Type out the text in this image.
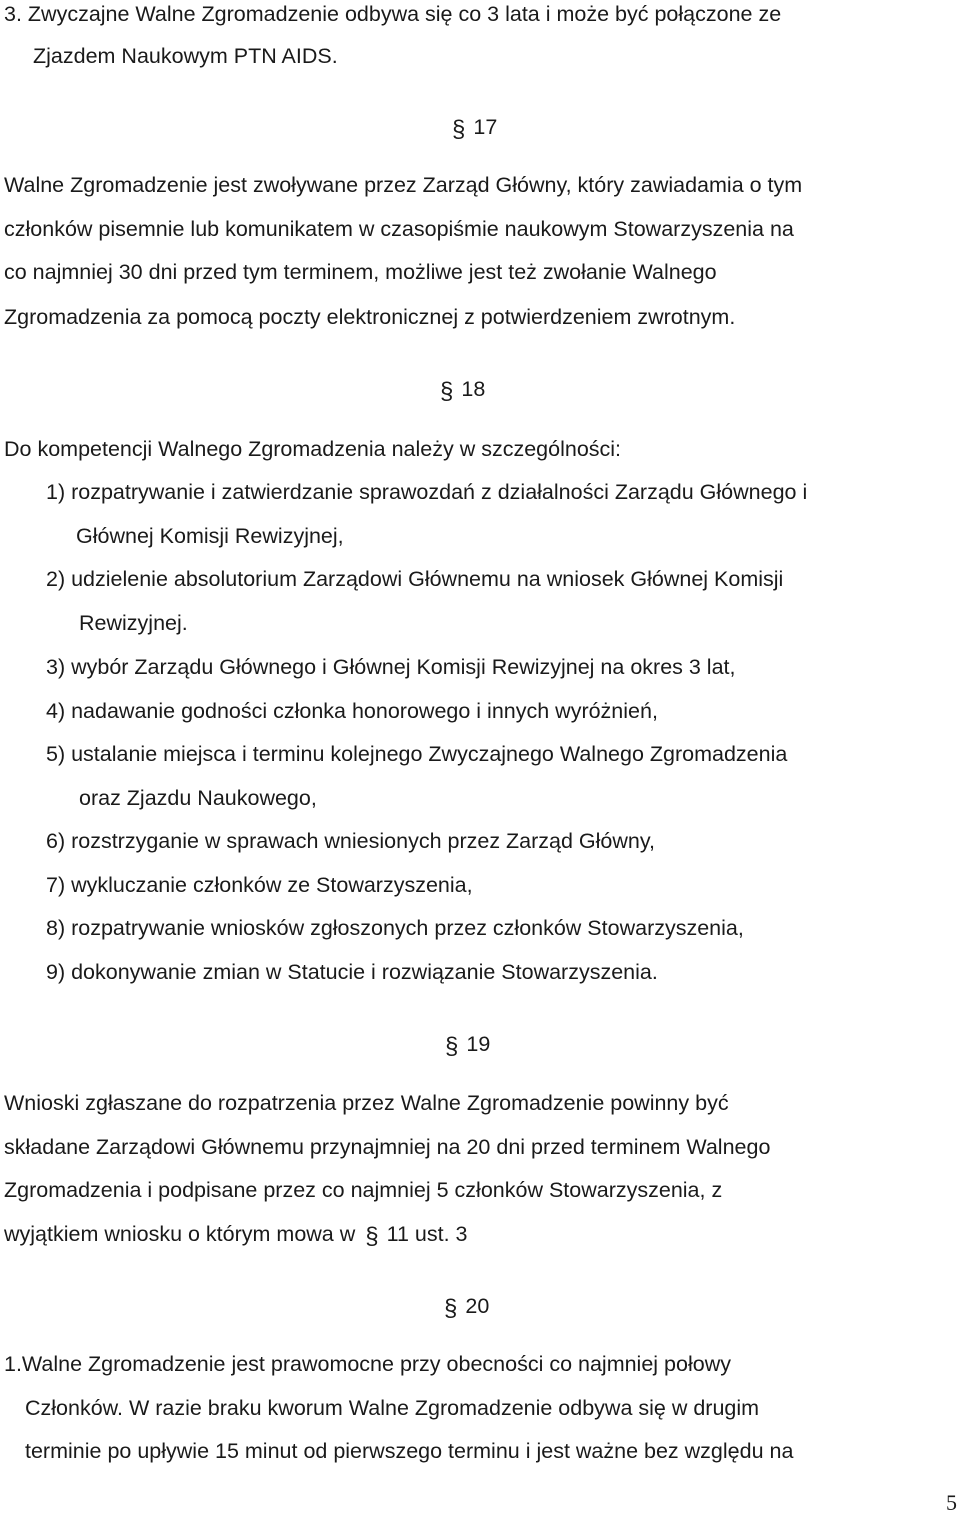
3. Zwyczajne Walne Zgromadzenie odbywa się co 3 lata i może być połączone ze
Zjazdem Naukowym PTN AIDS.
§ 17
Walne Zgromadzenie jest zwoływane przez Zarząd Główny, który zawiadamia o tym
członków pisemnie lub komunikatem w czasopiśmie naukowym Stowarzyszenia na
co najmniej 30 dni przed tym terminem, możliwe jest też zwołanie Walnego
Zgromadzenia za pomocą poczty elektronicznej z potwierdzeniem zwrotnym.
§ 18
Do kompetencji Walnego Zgromadzenia należy w szczególności:
1) rozpatrywanie i zatwierdzanie sprawozdań z działalności Zarządu Głównego i
Głównej Komisji Rewizyjnej,
2) udzielenie absolutorium Zarządowi Głównemu na wniosek Głównej Komisji
Rewizyjnej.
3) wybór Zarządu Głównego i Głównej Komisji Rewizyjnej na okres 3 lat,
4) nadawanie godności członka honorowego i innych wyróżnień,
5) ustalanie miejsca i terminu kolejnego Zwyczajnego Walnego Zgromadzenia
oraz Zjazdu Naukowego,
6) rozstrzyganie w sprawach wniesionych przez Zarząd Główny,
7) wykluczanie członków ze Stowarzyszenia,
8) rozpatrywanie wniosków zgłoszonych przez członków Stowarzyszenia,
9) dokonywanie zmian w Statucie i rozwiązanie Stowarzyszenia.
§ 19
Wnioski zgłaszane do rozpatrzenia przez Walne Zgromadzenie powinny być
składane Zarządowi Głównemu przynajmniej na 20 dni przed terminem Walnego
Zgromadzenia i podpisane przez co najmniej 5 członków Stowarzyszenia, z
wyjątkiem wniosku o którym mowa w § 11 ust. 3
§ 20
1.Walne Zgromadzenie jest prawomocne przy obecności co najmniej połowy
Członków. W razie braku kworum Walne Zgromadzenie odbywa się w drugim
terminie po upływie 15 minut od pierwszego terminu i jest ważne bez względu na
5
